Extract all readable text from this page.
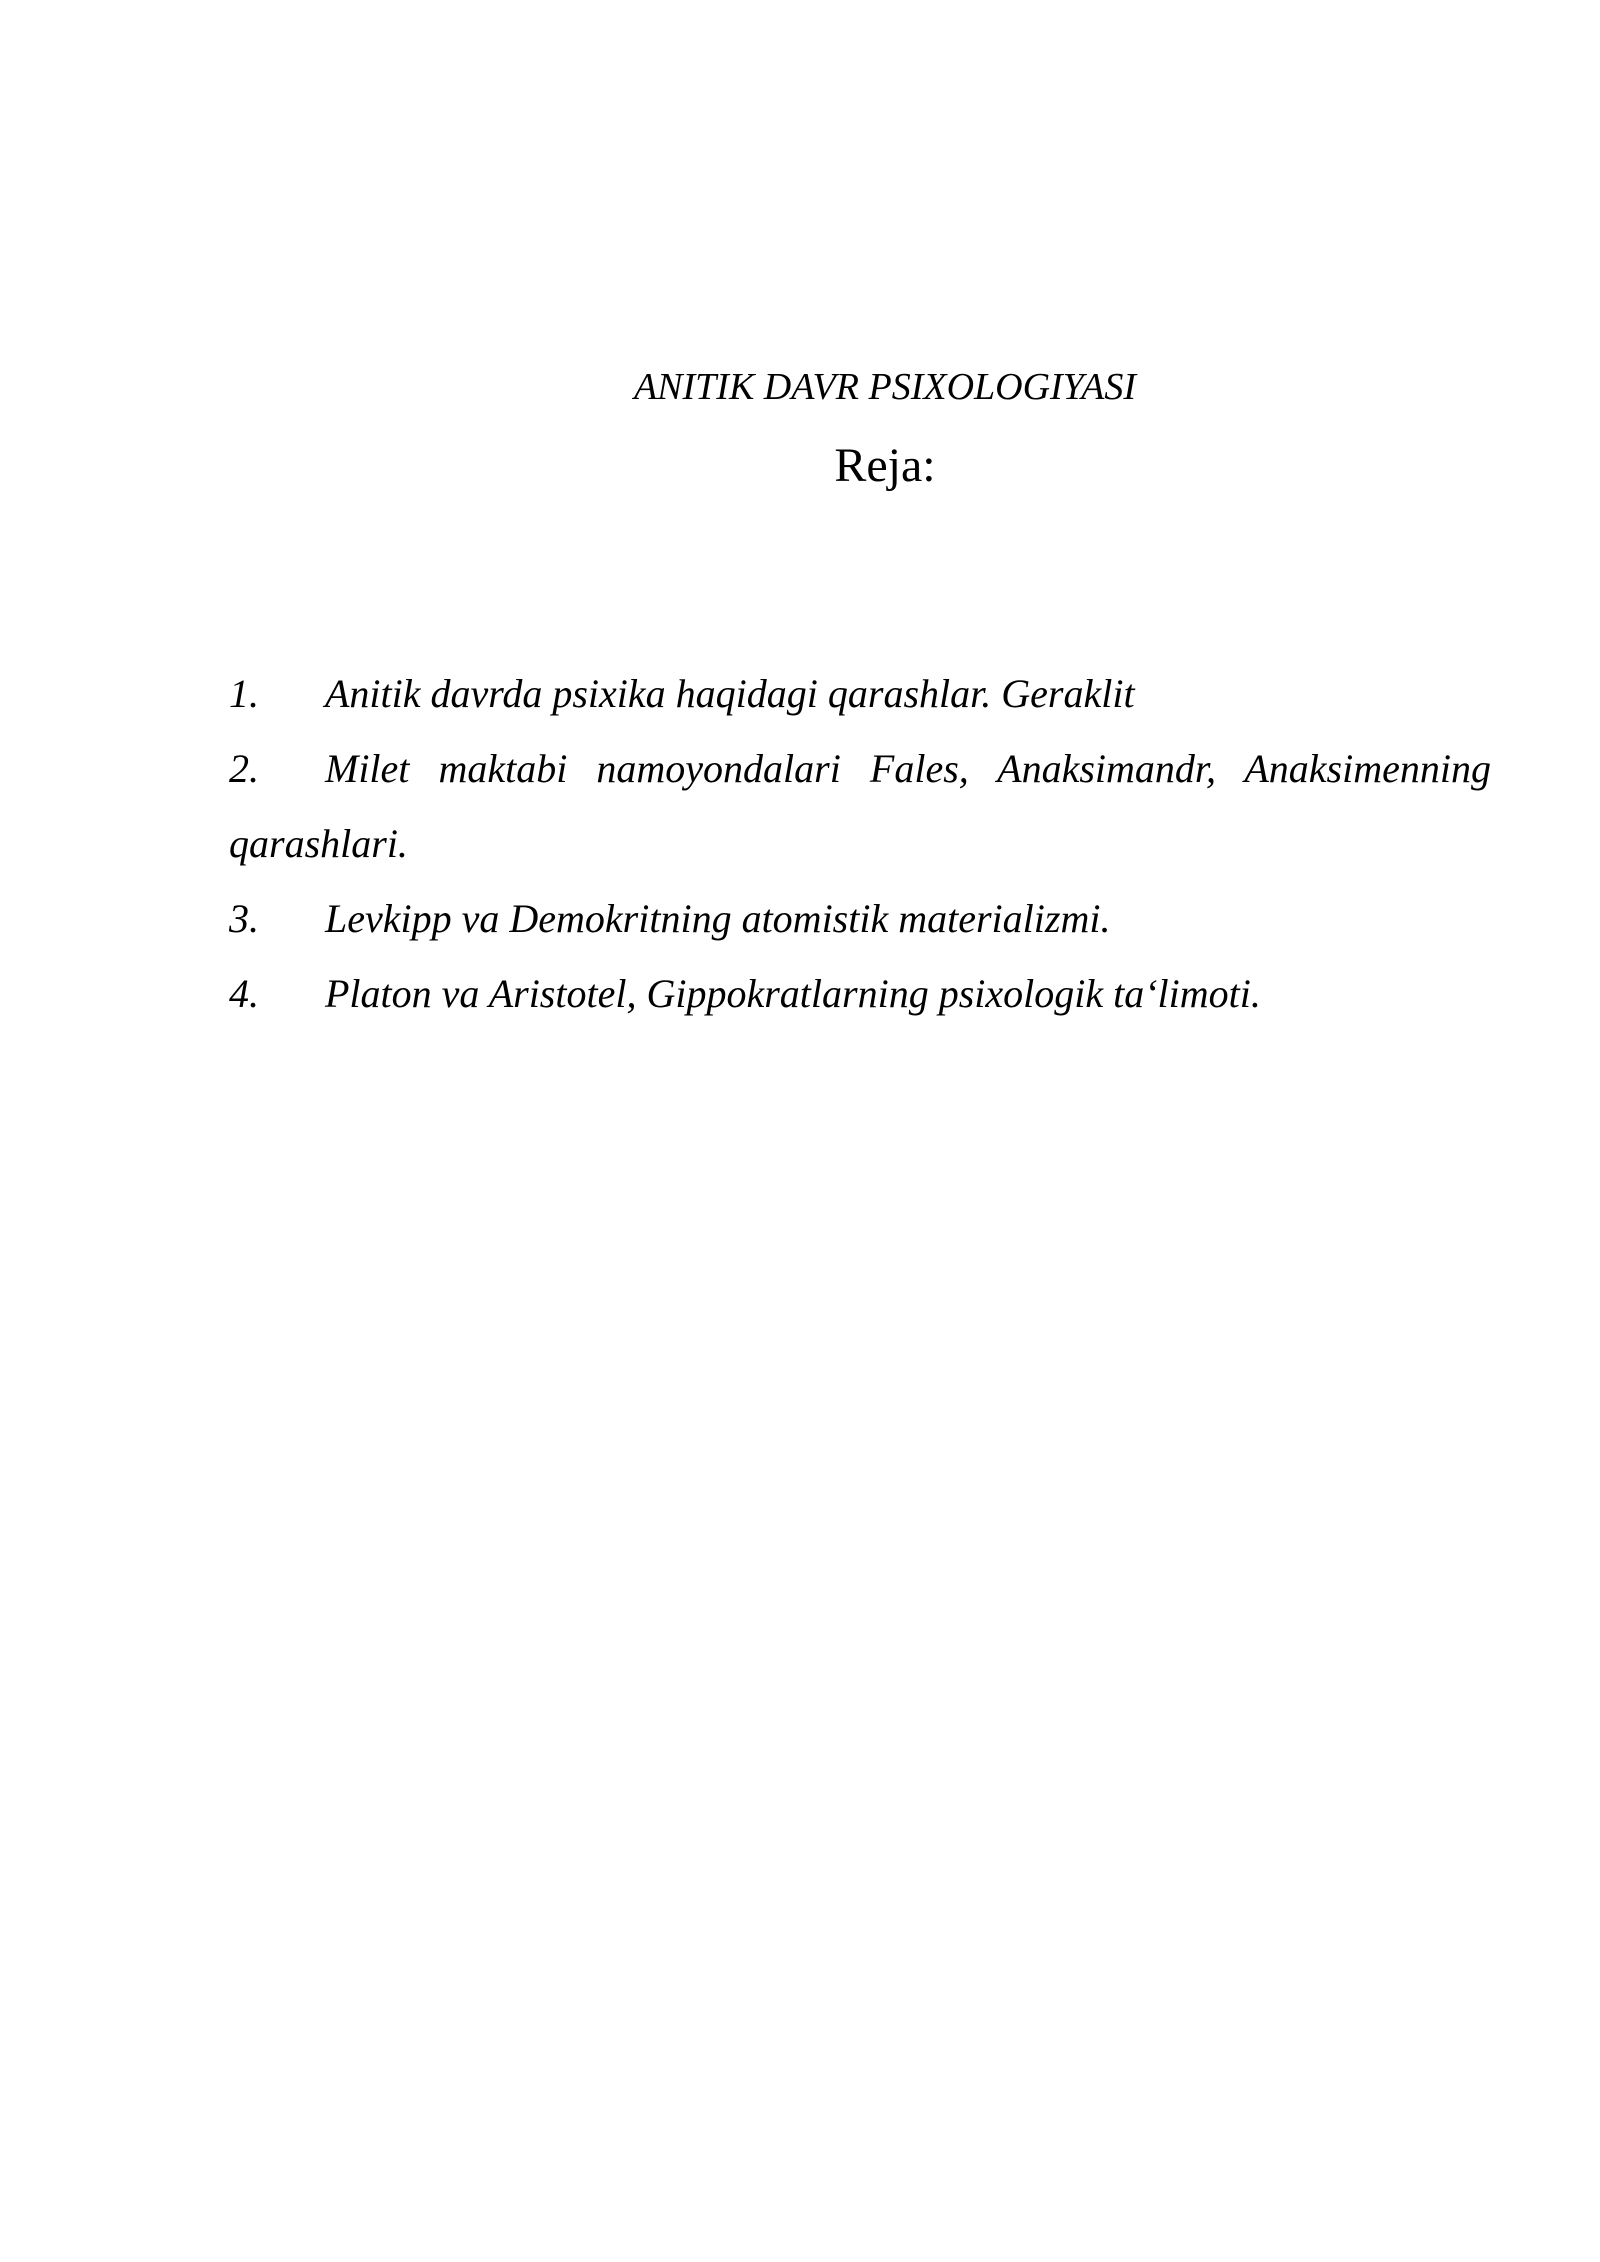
ANITIK DAVR PSIXOLOGIYASI
Reja:
1. Anitik davrda psixika haqidagi qarashlar. Geraklit
2. Milet maktabi namoyondalari Fales, Anaksimandr, Anaksimenning qarashlari.
3. Levkipp va Demokritning atomistik materializmi.
4. Platon va Aristotel, Gippokratlarning psixologik ta‘limoti.
